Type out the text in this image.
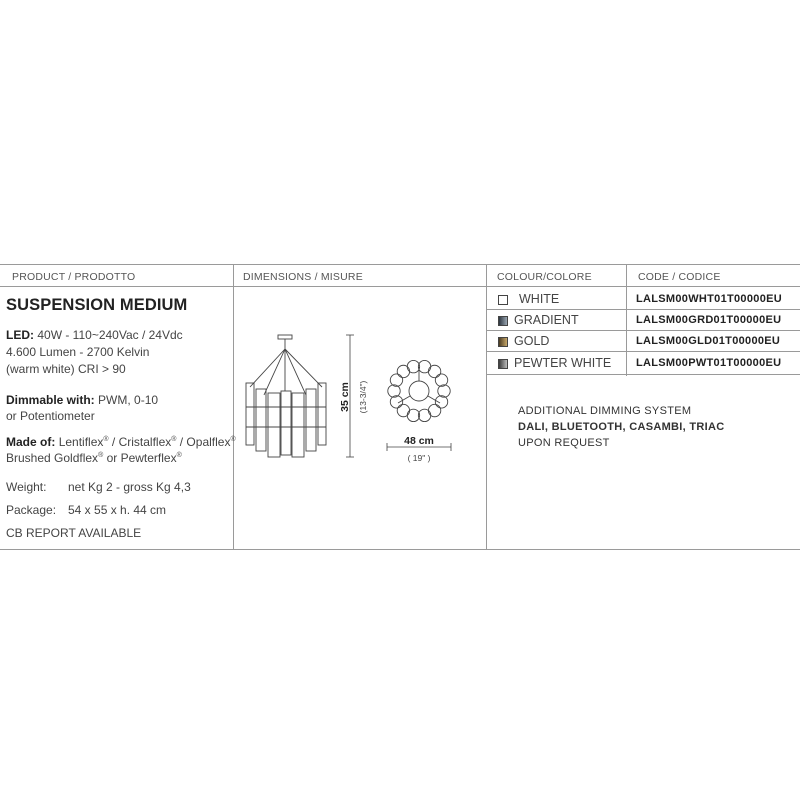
PRODUCT / PRODOTTO	DIMENSIONS / MISURE	COLOUR/COLORE	CODE / CODICE
SUSPENSION MEDIUM
LED: 40W - 110~240Vac / 24Vdc
4.600 Lumen - 2700 Kelvin
(warm white) CRI > 90
Dimmable with: PWM, 0-10
or Potentiometer
Made of: Lentiflex® / Cristalflex® / Opalflex®
Brushed Goldflex® or Pewterflex®
Weight: net Kg 2 - gross Kg 4,3
Package: 54 x 55 x h. 44 cm
CB REPORT AVAILABLE
35 cm (13-3/4")
48 cm
( 19" )
WHITE	LALSM00WHT01T00000EU
GRADIENT	LALSM00GRD01T00000EU
GOLD	LALSM00GLD01T00000EU
PEWTER WHITE LALSM00PWT01T00000EU
ADDITIONAL DIMMING SYSTEM
DALI, BLUETOOTH, CASAMBI, TRIAC
UPON REQUEST
